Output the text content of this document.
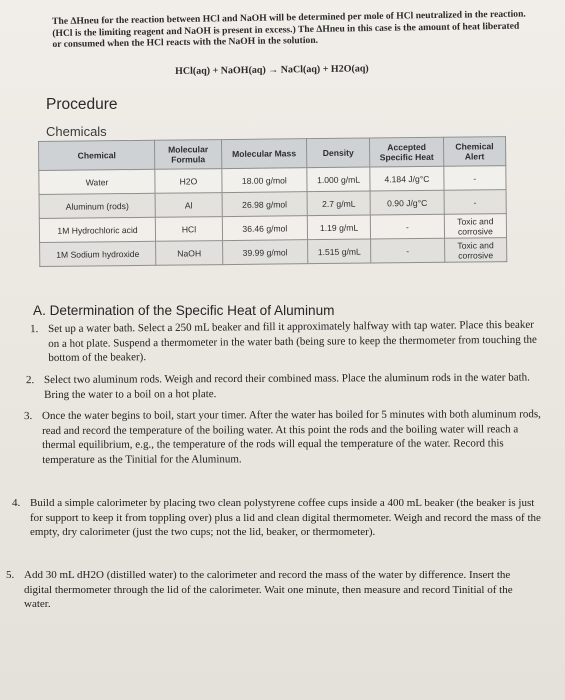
The ΔHneu for the reaction between HCl and NaOH will be determined per mole of HCl neutralized in the reaction. (HCl is the limiting reagent and NaOH is present in excess.) The ΔHneu in this case is the amount of heat liberated or consumed when the HCl reacts with the NaOH in the solution.
HCl(aq) + NaOH(aq) → NaCl(aq) + H2O(aq)
Procedure
Chemicals
Chemical	Molecular Formula	Molecular Mass	Density	Accepted Specific Heat	Chemical Alert
Water	H2O	18.00 g/mol	1.000 g/mL	4.184 J/g°C	-
Aluminum (rods)	Al	26.98 g/mol	2.7 g/mL	0.90 J/g°C	-
1M Hydrochloric acid	HCl	36.46 g/mol	1.19 g/mL	-	Toxic and corrosive
1M Sodium hydroxide	NaOH	39.99 g/mol	1.515 g/mL	-	Toxic and corrosive
A. Determination of the Specific Heat of Aluminum
1. Set up a water bath. Select a 250 mL beaker and fill it approximately halfway with tap water. Place this beaker on a hot plate. Suspend a thermometer in the water bath (being sure to keep the thermometer from touching the bottom of the beaker).
2. Select two aluminum rods. Weigh and record their combined mass. Place the aluminum rods in the water bath. Bring the water to a boil on a hot plate.
3. Once the water begins to boil, start your timer. After the water has boiled for 5 minutes with both aluminum rods, read and record the temperature of the boiling water. At this point the rods and the boiling water will reach a thermal equilibrium, e.g., the temperature of the rods will equal the temperature of the water. Record this temperature as the Tinitial for the Aluminum.
4. Build a simple calorimeter by placing two clean polystyrene coffee cups inside a 400 mL beaker (the beaker is just for support to keep it from toppling over) plus a lid and clean digital thermometer. Weigh and record the mass of the empty, dry calorimeter (just the two cups; not the lid, beaker, or thermometer).
5. Add 30 mL dH2O (distilled water) to the calorimeter and record the mass of the water by difference. Insert the digital thermometer through the lid of the calorimeter. Wait one minute, then measure and record Tinitial of the water.
